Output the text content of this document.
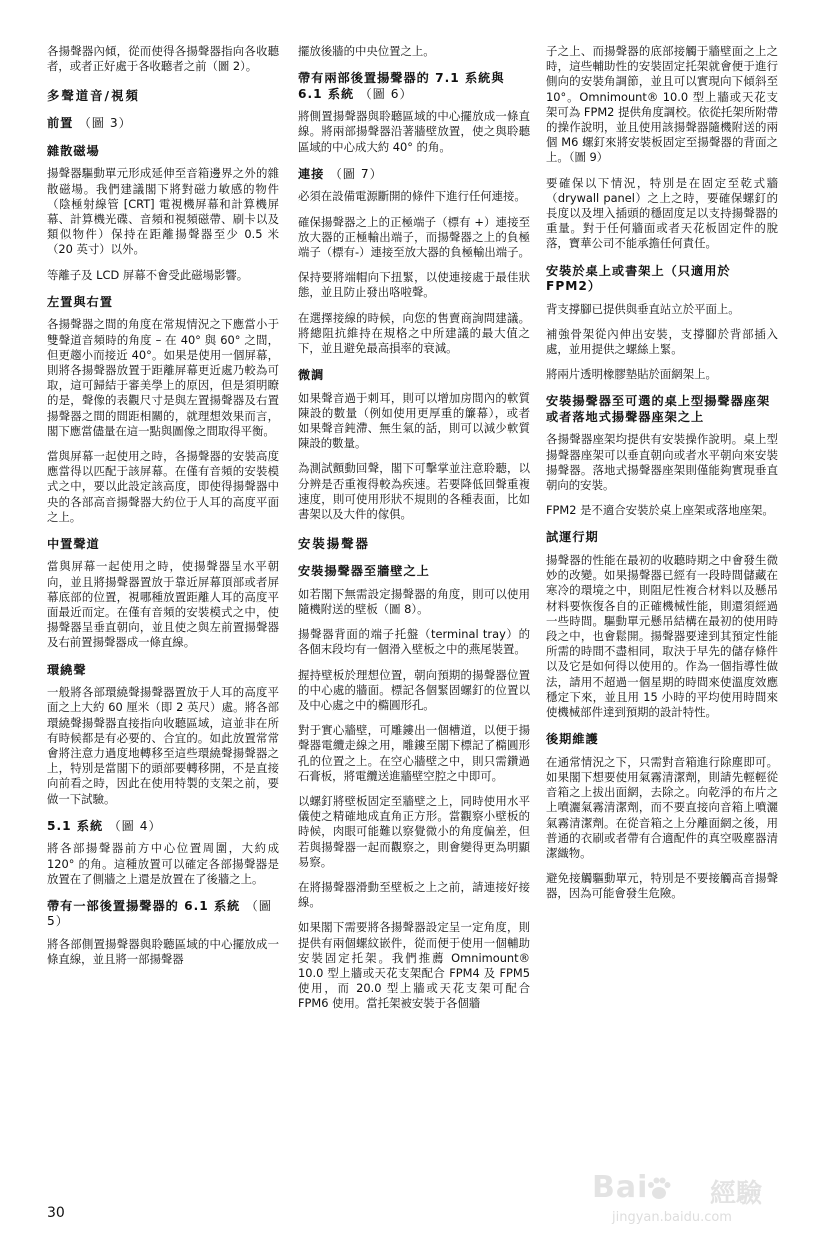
各揚聲器內傾，從而使得各揚聲器指向各收聽者，或者正好處于各收聽者之前（圖 2）。

多聲道音/視頻
前置 （圖 3）
雜散磁場

揚聲器驅動單元形成延伸至音箱邊界之外的雜散磁場。我們建議閣下將對磁力敏感的物件（陰極射線管 [CRT] 電視機屏幕和計算機屏幕、計算機光碟、音頻和視頻磁帶、刷卡以及類似物件）保持在距離揚聲器至少 0.5 米（20 英寸）以外。

等離子及 LCD 屏幕不會受此磁場影響。

左置與右置

各揚聲器之間的角度在常規情況之下應當小于雙聲道音頻時的角度 – 在 40° 與 60° 之間，但更趨小而接近 40°。如果是使用一個屏幕，則將各揚聲器放置于距離屏幕更近處乃較為可取，這可歸結于審美學上的原因，但是須明瞭的是，聲像的表觀尺寸是與左置揚聲器及右置揚聲器之間的間距相關的，就理想效果而言，閣下應當儘量在這一點與圖像之間取得平衡。

當與屏幕一起使用之時，各揚聲器的安裝高度應當得以匹配于該屏幕。在僅有音頻的安裝模式之中，要以此設定該高度，即使得揚聲器中央的各部高音揚聲器大約位于人耳的高度平面之上。

中置聲道

當與屏幕一起使用之時，使揚聲器呈水平朝向，並且將揚聲器置放于靠近屏幕頂部或者屏幕底部的位置，視哪種放置距離人耳的高度平面最近而定。在僅有音頻的安裝模式之中，使揚聲器呈垂直朝向，並且使之與左前置揚聲器及右前置揚聲器成一條直線。

環繞聲

一般將各部環繞聲揚聲器置放于人耳的高度平面之上大約 60 厘米（即 2 英尺）處。將各部環繞聲揚聲器直接指向收聽區域，這並非在所有時候都是有必要的、合宜的。如此放置常常會將注意力過度地轉移至這些環繞聲揚聲器之上，特別是當閣下的頭部要轉移開，不是直接向前看之時，因此在使用特製的支架之前，要做一下試驗。

5.1 系統 （圖 4）

將各部揚聲器前方中心位置周圍，大約成 120° 的角。這種放置可以確定各部揚聲器是放置在了側牆之上還是放置在了後牆之上。

帶有一部後置揚聲器的 6.1 系統 （圖 5）

將各部側置揚聲器與聆聽區域的中心擺放成一條直線，並且將一部揚聲器

擺放後牆的中央位置之上。

帶有兩部後置揚聲器的 7.1 系統與 6.1 系統 （圖 6）

將側置揚聲器與聆聽區域的中心擺放成一條直線。將兩部揚聲器沿著牆壁放置，使之與聆聽區域的中心成大約 40° 的角。

連接 （圖 7）

必須在設備電源斷開的條件下進行任何連接。

確保揚聲器之上的正極端子（標有 +）連接至放大器的正極輸出端子，而揚聲器之上的負極端子（標有-）連接至放大器的負極輸出端子。

保持要將端帽向下扭緊，以使連接處于最佳狀態，並且防止發出咯啦聲。

在選擇接線的時候，向您的售賣商詢問建議。將總阻抗維持在規格之中所建議的最大值之下，並且避免最高損率的衰減。

微調

如果聲音過于刺耳，則可以增加房間內的軟質陳設的數量（例如使用更厚重的簾幕），或者如果聲音鈍滯、無生氣的話，則可以減少軟質陳設的數量。

為測試顫動回聲，閣下可擊掌並注意聆聽，以分辨是否重複得較為疾速。若要降低回聲重複速度，則可使用形狀不規則的各種表面，比如書架以及大件的傢俱。

安裝揚聲器
安裝揚聲器至牆壁之上

如若閣下無需設定揚聲器的角度，則可以使用隨機附送的壁板（圖 8）。

揚聲器背面的端子托盤（terminal tray）的各個末段均有一個滑入壁板之中的燕尾裝置。

握持壁板於理想位置，朝向預期的揚聲器位置的中心處的牆面。標記各個緊固螺釘的位置以及中心處之中的橢圓形孔。

對于實心牆壁，可雕鏤出一個槽道，以便于揚聲器電纜走線之用，雕鏤至閣下標記了橢圓形孔的位置之上。在空心牆壁之中，則只需鑽過石膏板，將電纜送進牆壁空腔之中即可。

以螺釘將壁板固定至牆壁之上，同時使用水平儀使之精確地成直角正方形。當觀察小壁板的時候，肉眼可能難以察覺微小的角度偏差，但若與揚聲器一起而觀察之，則會變得更為明顯易察。

在將揚聲器滑動至壁板之上之前，請連接好接線。

如果閣下需要將各揚聲器設定呈一定角度，則提供有兩個螺紋嵌件，從而便于使用一個輔助安裝固定托架。我們推薦 Omnimount® 10.0 型上牆或天花支架配合 FPM4 及 FPM5 使用，而 20.0 型上牆或天花支架可配合 FPM6 使用。當托架被安裝于各個牆

子之上、而揚聲器的底部接觸于牆壁面之上之時，這些輔助性的安裝固定托架就會便于進行側向的安裝角調節，並且可以實現向下傾斜至 10°。Omnimount® 10.0 型上牆或天花支架可為 FPM2 提供角度調校。依從托架所附帶的操作說明，並且使用該揚聲器隨機附送的兩個 M6 螺釘來將安裝板固定至揚聲器的背面之上。（圖 9）

要確保以下情況，特別是在固定至乾式牆（drywall panel）之上之時，要確保螺釘的長度以及埋入插頭的穩固度足以支持揚聲器的重量。對于任何牆面或者天花板固定件的脫落，寶華公司不能承擔任何責任。

安裝於桌上或書架上（只適用於 FPM2）

背支撐腳已提供與垂直站立於平面上。

補強骨架從內伸出安裝，支撐腳於背部插入處，並用提供之螺絲上緊。

將兩片透明橡膠墊貼於面網架上。

安裝揚聲器至可選的桌上型揚聲器座架或者落地式揚聲器座架之上

各揚聲器座架均提供有安裝操作說明。桌上型揚聲器座架可以垂直朝向或者水平朝向來安裝揚聲器。落地式揚聲器座架則僅能夠實現垂直朝向的安裝。

FPM2 是不適合安裝於桌上座架或落地座架。

試運行期

揚聲器的性能在最初的收聽時期之中會發生微妙的改變。如果揚聲器已經有一段時間儲藏在寒冷的環境之中，則阻尼性複合材料以及懸吊材料要恢復各自的正確機械性能，則還須經過一些時間。驅動單元懸吊結構在最初的使用時段之中，也會鬆開。揚聲器要達到其預定性能所需的時間不盡相同，取決于早先的儲存條件以及它是如何得以使用的。作為一個指導性做法，請用不超過一個星期的時間來使溫度效應穩定下來，並且用 15 小時的平均使用時間來使機械部件達到預期的設計特性。

後期維護

在通常情況之下，只需對音箱進行除塵即可。如果閣下想要使用氣霧清潔劑，則請先輕輕從音箱之上拔出面網，去除之。向乾淨的布片之上噴灑氣霧清潔劑，而不要直接向音箱上噴灑氣霧清潔劑。在從音箱之上分離面網之後，用普通的衣刷或者帶有合適配件的真空吸塵器清潔織物。

避免接觸驅動單元，特別是不要接觸高音揚聲器，因為可能會發生危險。

30
Bai 經驗
jingyan.baidu.com
